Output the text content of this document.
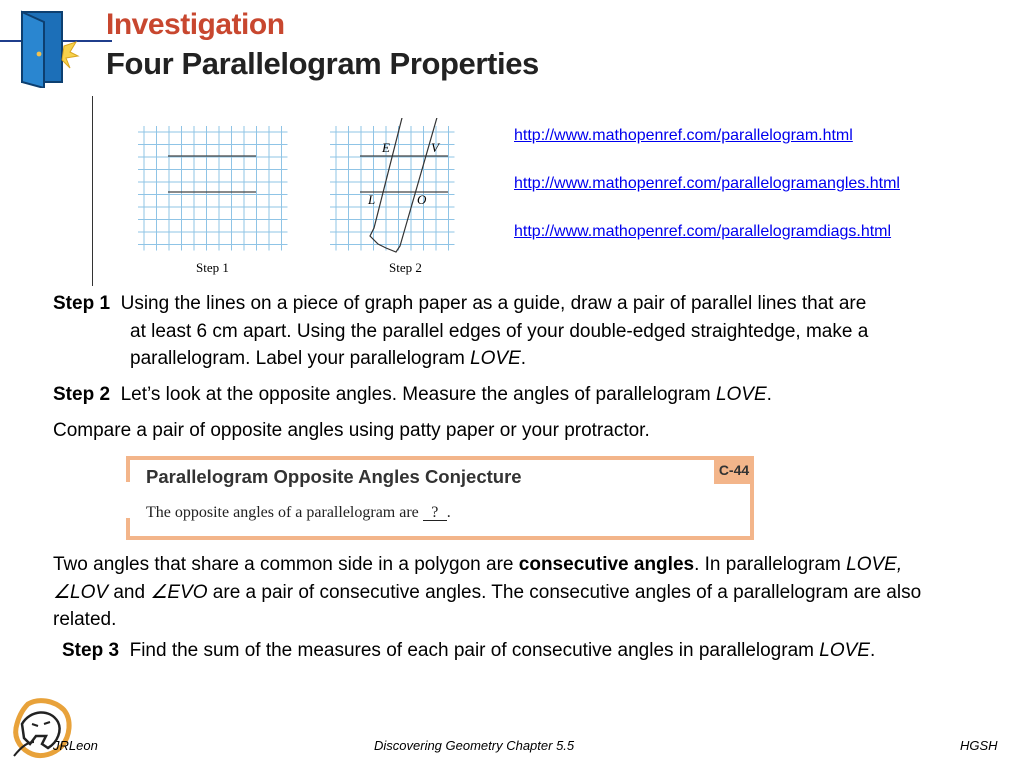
Investigation
Four Parallelogram Properties
E	V
L	O
Step 1	Step 2
http://www.mathopenref.com/parallelogram.html
http://www.mathopenref.com/parallelogramangles.html
http://www.mathopenref.com/parallelogramdiags.html
Step 1 Using the lines on a piece of graph paper as a guide, draw a pair of parallel lines that are
at least 6 cm apart. Using the parallel edges of your double-edged straightedge, make a
parallelogram. Label your parallelogram LOVE.
Step 2 Let’s look at the opposite angles. Measure the angles of parallelogram LOVE.
Compare a pair of opposite angles using patty paper or your protractor.
C-44
Parallelogram Opposite Angles Conjecture
The opposite angles of a parallelogram are ? .
Two angles that share a common side in a polygon are consecutive angles. In parallelogram LOVE,
∠LOV and ∠EVO are a pair of consecutive angles. The consecutive angles of a parallelogram are also
related.
Step 3 Find the sum of the measures of each pair of consecutive angles in parallelogram LOVE.
JRLeon	Discovering Geometry Chapter 5.5	HGSH
